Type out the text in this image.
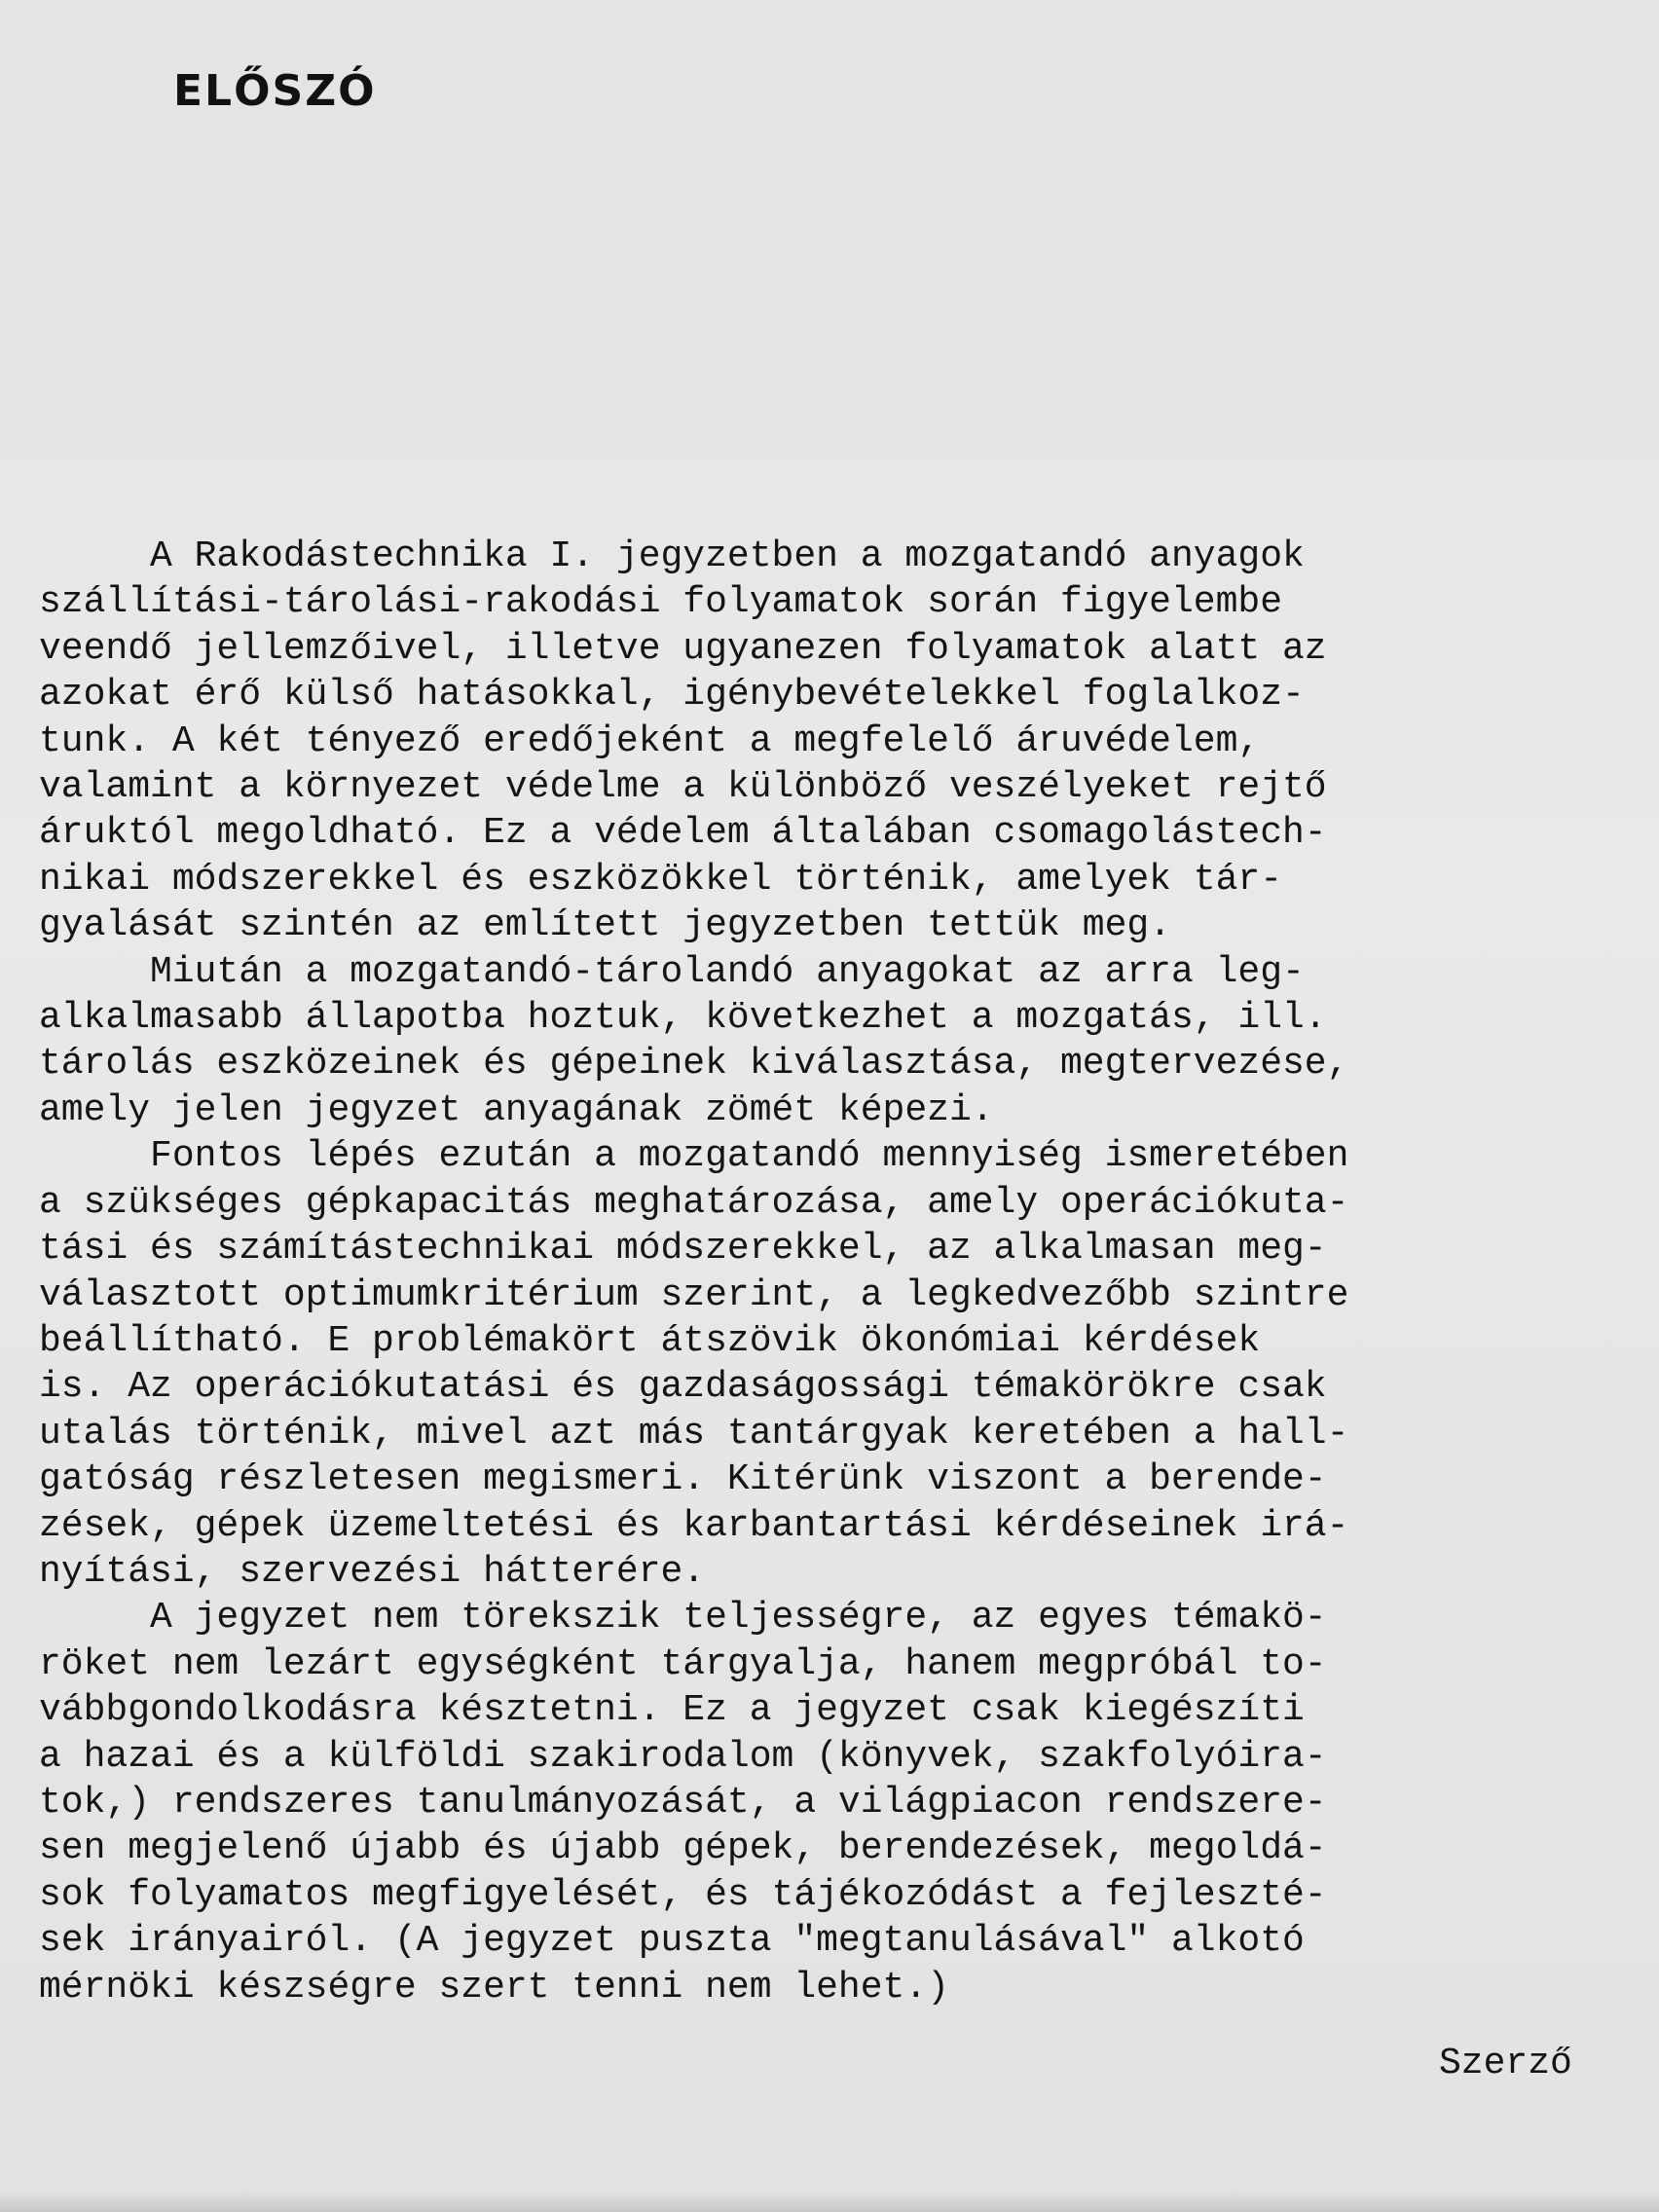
ELŐSZÓ
A Rakodástechnika I. jegyzetben a mozgatandó anyagok
szállítási-tárolási-rakodási folyamatok során figyelembe
veendő jellemzőivel, illetve ugyanezen folyamatok alatt az
azokat érő külső hatásokkal, igénybevételekkel foglalkoz-
tunk. A két tényező eredőjeként a megfelelő áruvédelem,
valamint a környezet védelme a különböző veszélyeket rejtő
áruktól megoldható. Ez a védelem általában csomagolástech-
nikai módszerekkel és eszközökkel történik, amelyek tár-
gyalását szintén az említett jegyzetben tettük meg.
Miután a mozgatandó-tárolandó anyagokat az arra leg-
alkalmasabb állapotba hoztuk, következhet a mozgatás, ill.
tárolás eszközeinek és gépeinek kiválasztása, megtervezése,
amely jelen jegyzet anyagának zömét képezi.
Fontos lépés ezután a mozgatandó mennyiség ismeretében
a szükséges gépkapacitás meghatározása, amely operációkuta-
tási és számítástechnikai módszerekkel, az alkalmasan meg-
választott optimumkritérium szerint, a legkedvezőbb szintre
beállítható. E problémakört átszövik ökonómiai kérdések
is. Az operációkutatási és gazdaságossági témakörökre csak
utalás történik, mivel azt más tantárgyak keretében a hall-
gatóság részletesen megismeri. Kitérünk viszont a berende-
zések, gépek üzemeltetési és karbantartási kérdéseinek irá-
nyítási, szervezési hátterére.
A jegyzet nem törekszik teljességre, az egyes témakö-
röket nem lezárt egységként tárgyalja, hanem megpróbál to-
vábbgondolkodásra késztetni. Ez a jegyzet csak kiegészíti
a hazai és a külföldi szakirodalom (könyvek, szakfolyóira-
tok,) rendszeres tanulmányozását, a világpiacon rendszere-
sen megjelenő újabb és újabb gépek, berendezések, megoldá-
sok folyamatos megfigyelését, és tájékozódást a fejleszté-
sek irányairól. (A jegyzet puszta "megtanulásával" alkotó
mérnöki készségre szert tenni nem lehet.)
Szerző
